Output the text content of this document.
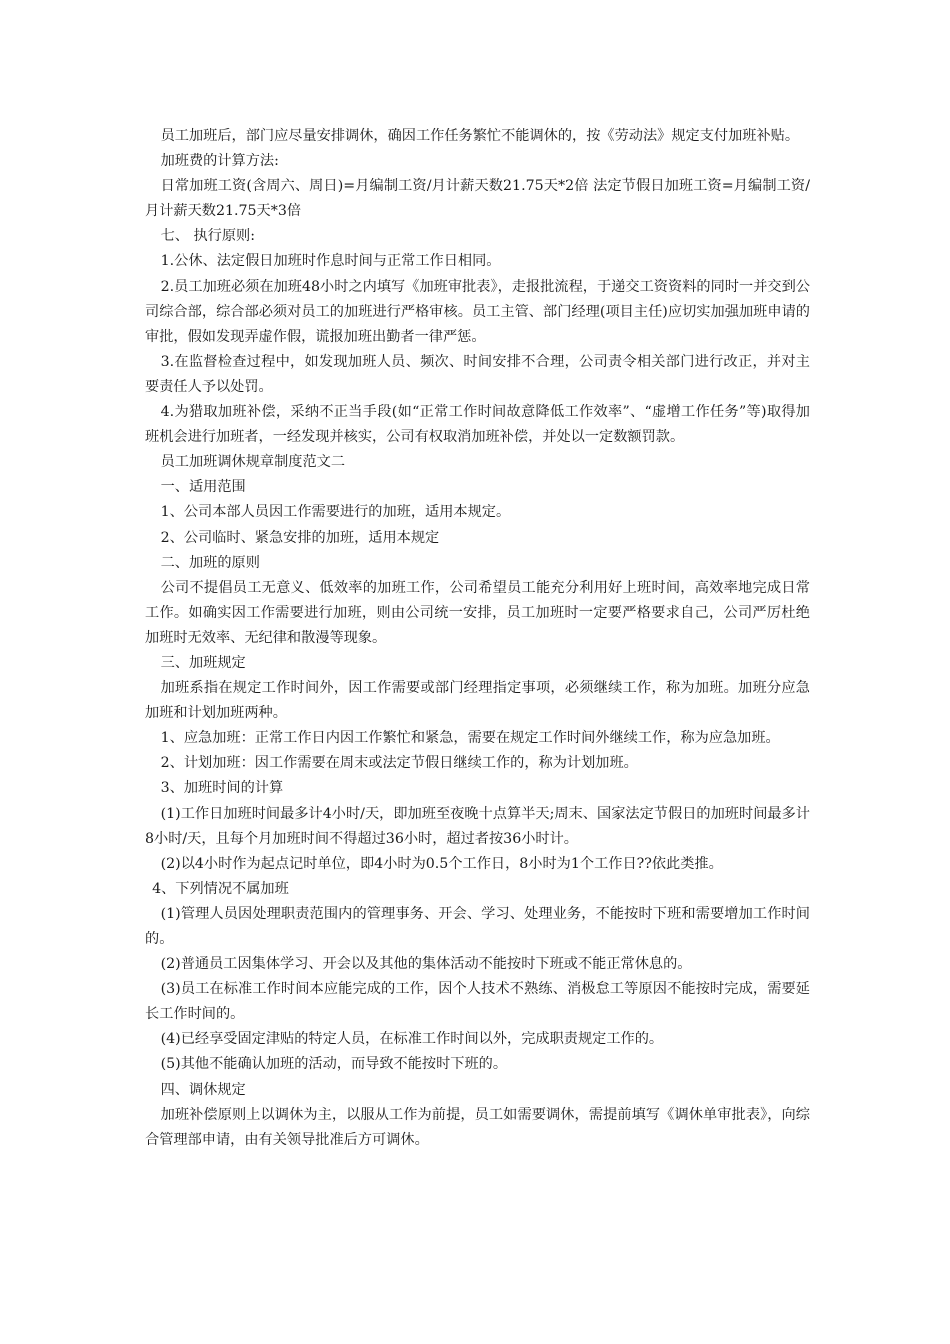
员工加班后，部门应尽量安排调休，确因工作任务繁忙不能调休的，按《劳动法》规定支付加班补贴。

加班费的计算方法:

日常加班工资(含周六、周日)=月编制工资/月计薪天数21.75天*2倍 法定节假日加班工资=月编制工资/月计薪天数21.75天*3倍

七、 执行原则:

1.公休、法定假日加班时作息时间与正常工作日相同。

2.员工加班必须在加班48小时之内填写《加班审批表》，走报批流程，于递交工资资料的同时一并交到公司综合部，综合部必须对员工的加班进行严格审核。员工主管、部门经理(项目主任)应切实加强加班申请的审批，假如发现弄虚作假，谎报加班出勤者一律严惩。

3.在监督检查过程中，如发现加班人员、频次、时间安排不合理，公司责令相关部门进行改正，并对主要责任人予以处罚。

4.为猎取加班补偿，采纳不正当手段(如“正常工作时间故意降低工作效率”、“虚增工作任务”等)取得加班机会进行加班者，一经发现并核实，公司有权取消加班补偿，并处以一定数额罚款。

员工加班调休规章制度范文二

一、适用范围

1、公司本部人员因工作需要进行的加班，适用本规定。

2、公司临时、紧急安排的加班，适用本规定

二、加班的原则

公司不提倡员工无意义、低效率的加班工作，公司希望员工能充分利用好上班时间，高效率地完成日常工作。如确实因工作需要进行加班，则由公司统一安排，员工加班时一定要严格要求自己，公司严厉杜绝加班时无效率、无纪律和散漫等现象。

三、加班规定

加班系指在规定工作时间外，因工作需要或部门经理指定事项，必须继续工作，称为加班。加班分应急加班和计划加班两种。

1、应急加班：正常工作日内因工作繁忙和紧急，需要在规定工作时间外继续工作，称为应急加班。

2、计划加班：因工作需要在周末或法定节假日继续工作的，称为计划加班。

3、加班时间的计算

(1)工作日加班时间最多计4小时/天，即加班至夜晚十点算半天;周末、国家法定节假日的加班时间最多计8小时/天，且每个月加班时间不得超过36小时，超过者按36小时计。

(2)以4小时作为起点记时单位，即4小时为0.5个工作日，8小时为1个工作日??依此类推。

4、下列情况不属加班

(1)管理人员因处理职责范围内的管理事务、开会、学习、处理业务，不能按时下班和需要增加工作时间的。

(2)普通员工因集体学习、开会以及其他的集体活动不能按时下班或不能正常休息的。

(3)员工在标准工作时间本应能完成的工作，因个人技术不熟练、消极怠工等原因不能按时完成，需要延长工作时间的。

(4)已经享受固定津贴的特定人员，在标准工作时间以外，完成职责规定工作的。

(5)其他不能确认加班的活动，而导致不能按时下班的。

四、调休规定

加班补偿原则上以调休为主，以服从工作为前提，员工如需要调休，需提前填写《调休单审批表》，向综合管理部申请，由有关领导批准后方可调休。
